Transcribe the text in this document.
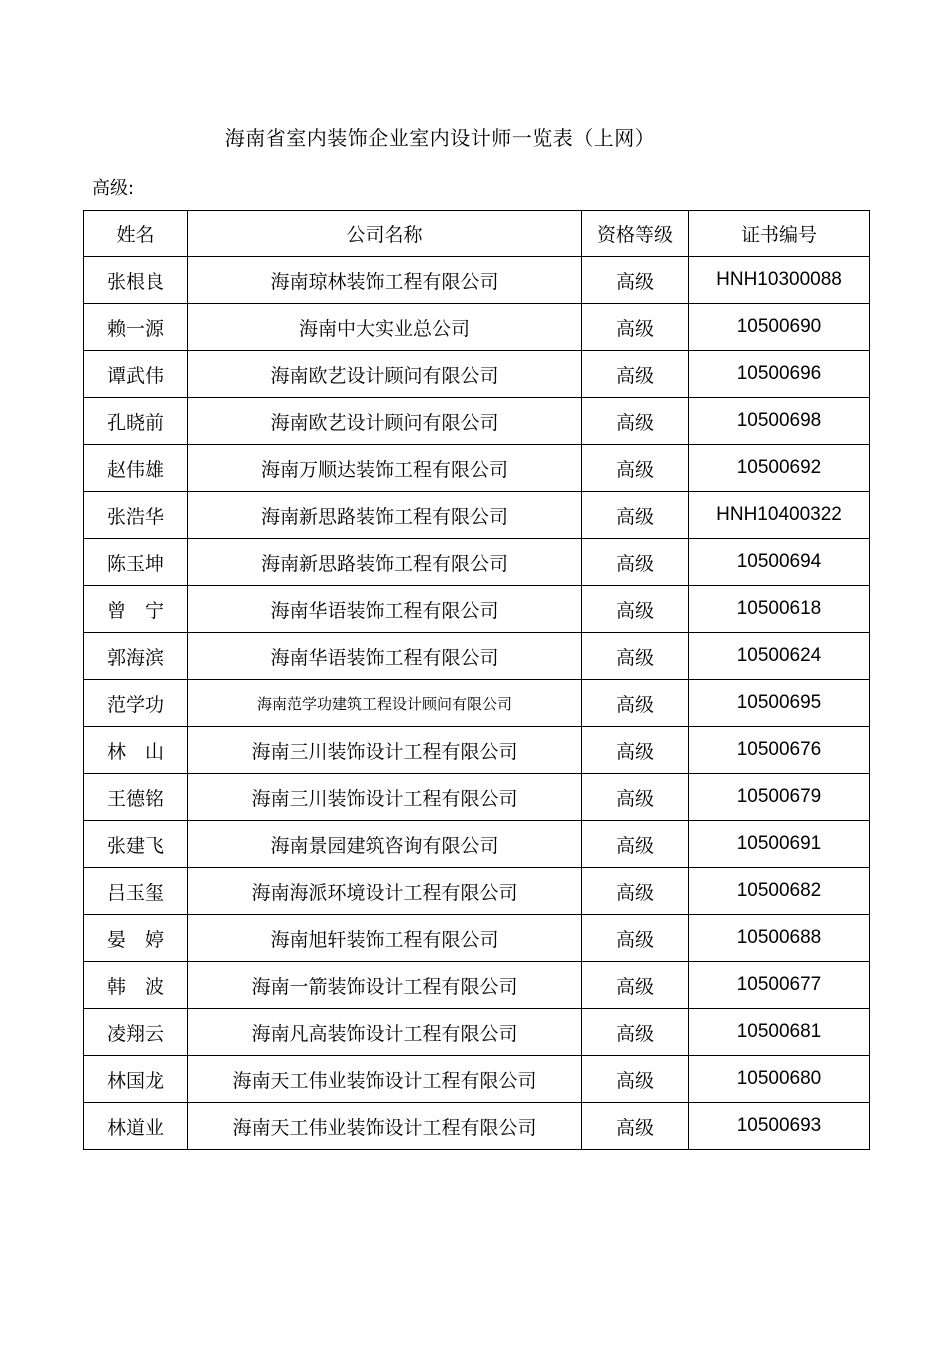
海南省室内装饰企业室内设计师一览表（上网）
高级:
姓名	公司名称	资格等级	证书编号
张根良	海南琼林装饰工程有限公司	高级	HNH10300088
赖一源	海南中大实业总公司	高级	10500690
谭武伟	海南欧艺设计顾问有限公司	高级	10500696
孔晓前	海南欧艺设计顾问有限公司	高级	10500698
赵伟雄	海南万顺达装饰工程有限公司	高级	10500692
张浩华	海南新思路装饰工程有限公司	高级	HNH10400322
陈玉坤	海南新思路装饰工程有限公司	高级	10500694
曾　宁	海南华语装饰工程有限公司	高级	10500618
郭海滨	海南华语装饰工程有限公司	高级	10500624
范学功	海南范学功建筑工程设计顾问有限公司	高级	10500695
林　山	海南三川装饰设计工程有限公司	高级	10500676
王德铭	海南三川装饰设计工程有限公司	高级	10500679
张建飞	海南景园建筑咨询有限公司	高级	10500691
吕玉玺	海南海派环境设计工程有限公司	高级	10500682
晏　婷	海南旭轩装饰工程有限公司	高级	10500688
韩　波	海南一箭装饰设计工程有限公司	高级	10500677
凌翔云	海南凡高装饰设计工程有限公司	高级	10500681
林国龙	海南天工伟业装饰设计工程有限公司	高级	10500680
林道业	海南天工伟业装饰设计工程有限公司	高级	10500693
